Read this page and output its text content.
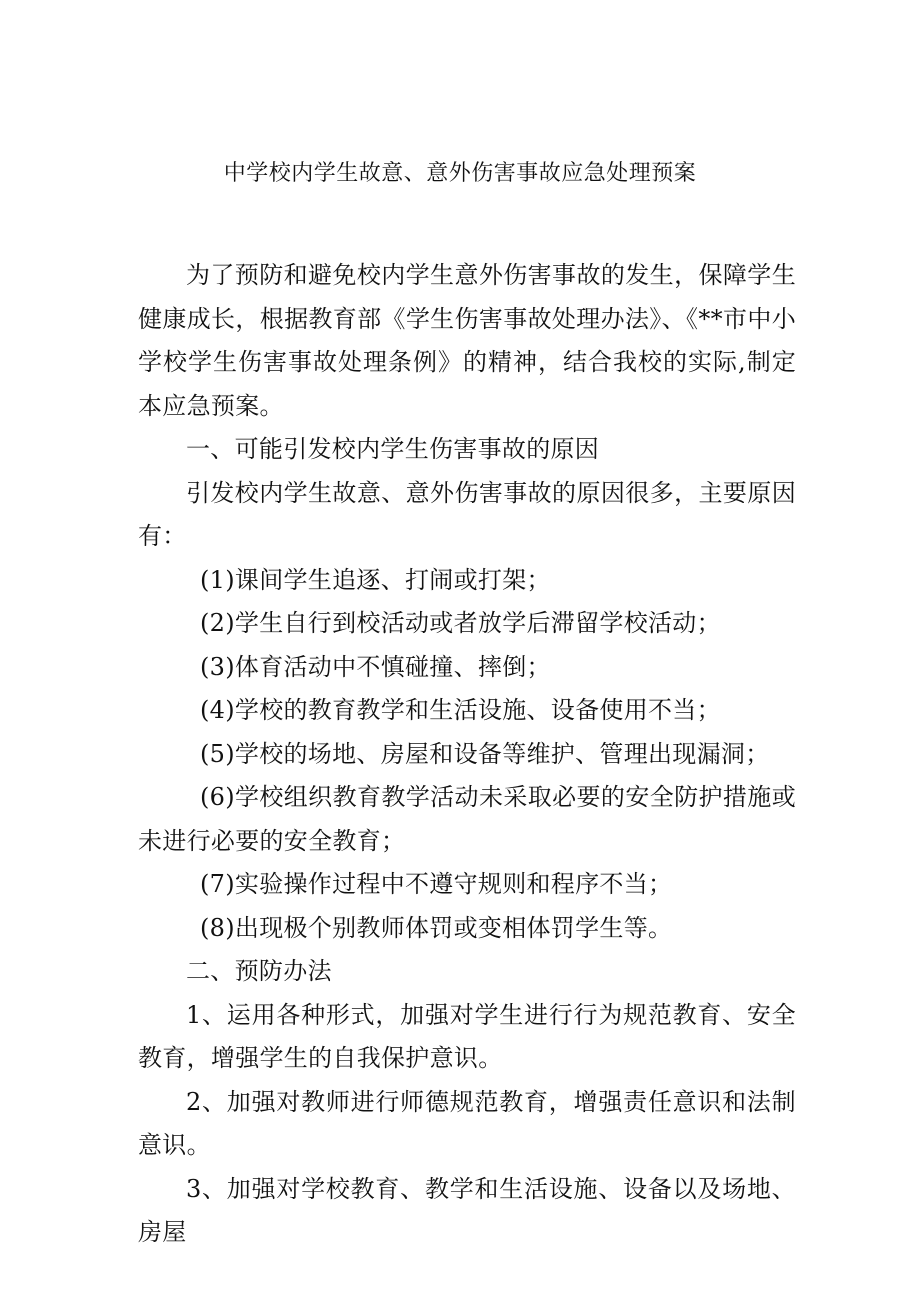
中学校内学生故意、意外伤害事故应急处理预案

为了预防和避免校内学生意外伤害事故的发生，保障学生健康成长，根据教育部《学生伤害事故处理办法》、《**市中小学校学生伤害事故处理条例》的精神，结合我校的实际,制定本应急预案。

一、可能引发校内学生伤害事故的原因

引发校内学生故意、意外伤害事故的原因很多，主要原因有：

(1)课间学生追逐、打闹或打架；

(2)学生自行到校活动或者放学后滞留学校活动；

(3)体育活动中不慎碰撞、摔倒；

(4)学校的教育教学和生活设施、设备使用不当；

(5)学校的场地、房屋和设备等维护、管理出现漏洞；

(6)学校组织教育教学活动未采取必要的安全防护措施或未进行必要的安全教育；

(7)实验操作过程中不遵守规则和程序不当；

(8)出现极个别教师体罚或变相体罚学生等。

二、预防办法

1、运用各种形式，加强对学生进行行为规范教育、安全教育，增强学生的自我保护意识。

2、加强对教师进行师德规范教育，增强责任意识和法制意识。

3、加强对学校教育、教学和生活设施、设备以及场地、房屋
